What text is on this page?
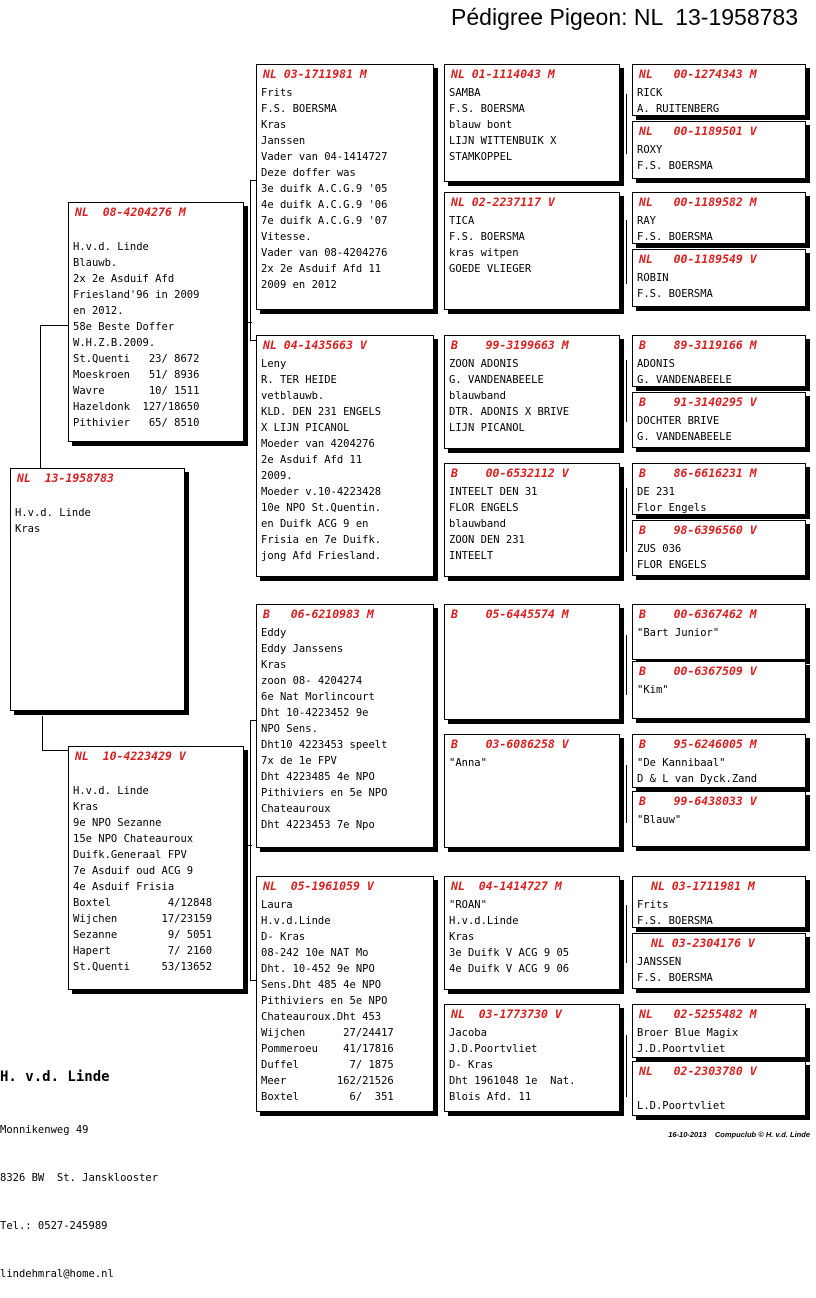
Pédigree Pigeon: NL  13-1958783
NL  13-1958783

H.v.d. Linde
Kras
NL  08-4204276 M

H.v.d. Linde
Blauwb.
2x 2e Asduif Afd
Friesland'96 in 2009
en 2012.
58e Beste Doffer
W.H.Z.B.2009.
St.Quenti   23/ 8672
Moeskroen   51/ 8936
Wavre       10/ 1511
Hazeldonk  127/18650
Pithivier   65/ 8510
NL  10-4223429 V

H.v.d. Linde
Kras
9e NPO Sezanne
15e NPO Chateauroux
Duifk.Generaal FPV
7e Asduif oud ACG 9
4e Asduif Frisia
Boxtel         4/12848
Wijchen       17/23159
Sezanne        9/ 5051
Hapert         7/ 2160
St.Quenti     53/13652
NL 03-1711981 M
Frits
F.S. BOERSMA
Kras
Janssen
Vader van 04-1414727
Deze doffer was
3e duifk A.C.G.9 '05
4e duifk A.C.G.9 '06
7e duifk A.C.G.9 '07
Vitesse.
Vader van 08-4204276
2x 2e Asduif Afd 11
2009 en 2012
NL 04-1435663 V
Leny
R. TER HEIDE
vetblauwb.
KLD. DEN 231 ENGELS
X LIJN PICANOL
Moeder van 4204276
2e Asduif Afd 11
2009.
Moeder v.10-4223428
10e NPO St.Quentin.
en Duifk ACG 9 en
Frisia en 7e Duifk.
jong Afd Friesland.
B   06-6210983 M
Eddy
Eddy Janssens
Kras
zoon 08- 4204274
6e Nat Morlincourt
Dht 10-4223452 9e
NPO Sens.
Dht10 4223453 speelt
7x de 1e FPV
Dht 4223485 4e NPO
Pithiviers en 5e NPO
Chateauroux
Dht 4223453 7e Npo
NL  05-1961059 V
Laura
H.v.d.Linde
D- Kras
08-242 10e NAT Mo
Dht. 10-452 9e NPO
Sens.Dht 485 4e NPO
Pithiviers en 5e NPO
Chateauroux.Dht 453
Wijchen      27/24417
Pommeroeu    41/17816
Duffel        7/ 1875
Meer        162/21526
Boxtel        6/  351
NL 01-1114043 M
SAMBA
F.S. BOERSMA
blauw bont
LIJN WITTENBUIK X
STAMKOPPEL
NL 02-2237117 V
TICA
F.S. BOERSMA
kras witpen
GOEDE VLIEGER
B    99-3199663 M
ZOON ADONIS
G. VANDENABEELE
blauwband
DTR. ADONIS X BRIVE
LIJN PICANOL
B    00-6532112 V
INTEELT DEN 31
FLOR ENGELS
blauwband
ZOON DEN 231
INTEELT
B    05-6445574 M
B    03-6086258 V
"Anna"
NL  04-1414727 M
"ROAN"
H.v.d.Linde
Kras
3e Duifk V ACG 9 05
4e Duifk V ACG 9 06
NL  03-1773730 V
Jacoba
J.D.Poortvliet
D- Kras
Dht 1961048 1e  Nat.
Blois Afd. 11
NL   00-1274343 M
RICK
A. RUITENBERG
NL   00-1189501 V
ROXY
F.S. BOERSMA
NL   00-1189582 M
RAY
F.S. BOERSMA
NL   00-1189549 V
ROBIN
F.S. BOERSMA
B    89-3119166 M
ADONIS
G. VANDENABEELE
B    91-3140295 V
DOCHTER BRIVE
G. VANDENABEELE
B    86-6616231 M
DE 231
Flor Engels
B    98-6396560 V
ZUS 036
FLOR ENGELS
B    00-6367462 M
"Bart Junior"
B    00-6367509 V
"Kim"
B    95-6246005 M
"De Kannibaal"
D & L van Dyck.Zand
B    99-6438033 V
"Blauw"
NL 03-1711981 M
Frits
F.S. BOERSMA
NL 03-2304176 V
JANSSEN
F.S. BOERSMA
NL   02-5255482 M
Broer Blue Magix
J.D.Poortvliet
NL   02-2303780 V

L.D.Poortvliet

H. v.d. Linde

Monnikenweg 49

8326 BW  St. Jansklooster

Tel.: 0527-245989

lindehmral@home.nl

16-10-2013    Compuclub © H. v.d. Linde
